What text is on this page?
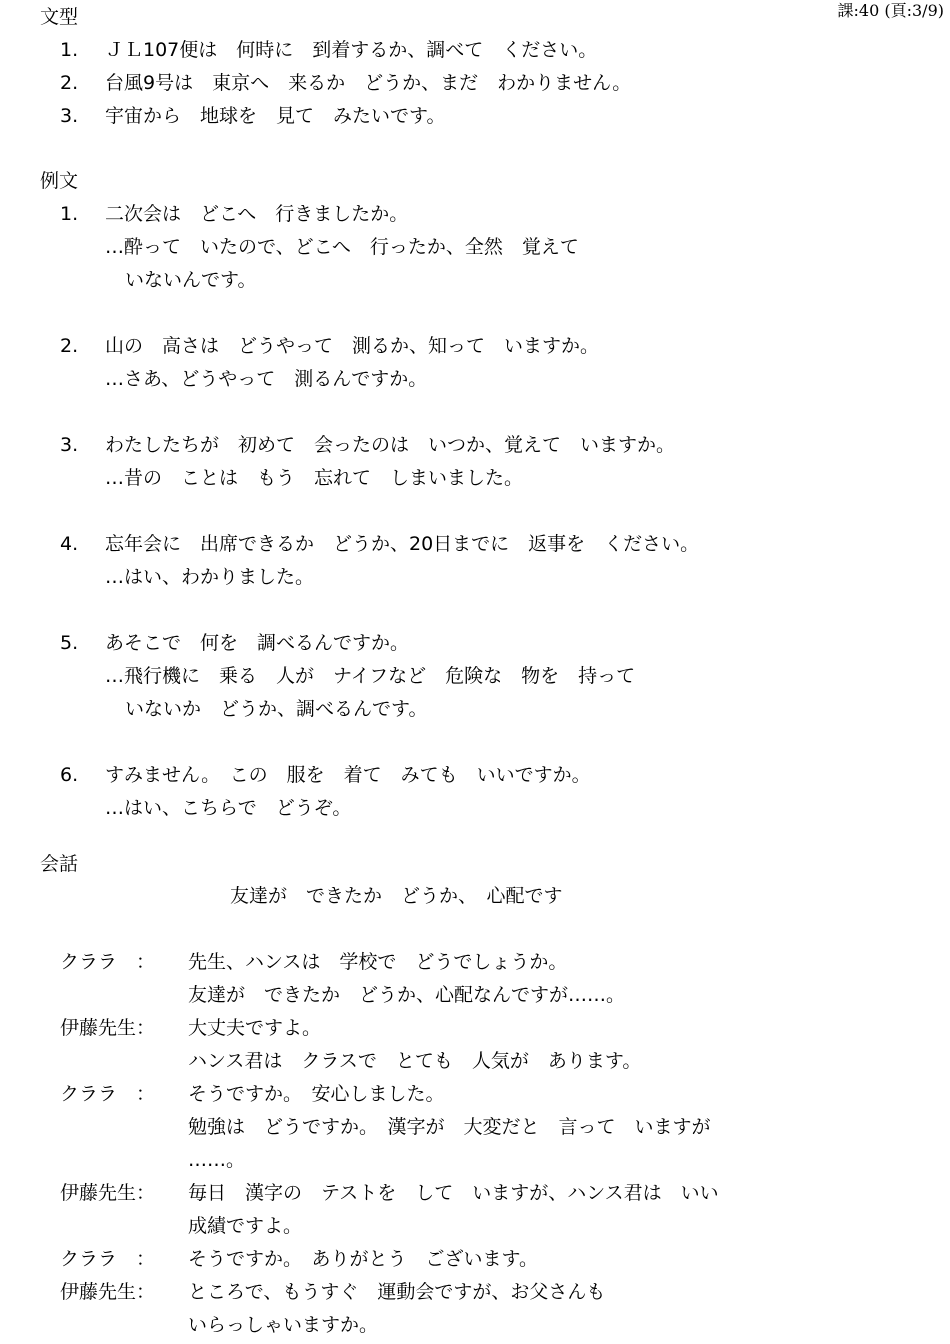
課:40 (頁:3/9)
文型
1.	ＪＬ107便は　何時に　到着するか、調べて　ください。
2.	台風9号は　東京へ　来るか　どうか、まだ　わかりません。
3.	宇宙から　地球を　見て　みたいです。
例文
1.	二次会は　どこへ　行きましたか。
…酔って　いたので、どこへ　行ったか、全然　覚えて
いないんです。
2.	山の　高さは　どうやって　測るか、知って　いますか。
…さあ、どうやって　測るんですか。
3.	わたしたちが　初めて　会ったのは　いつか、覚えて　いますか。
…昔の　ことは　もう　忘れて　しまいました。
4.	忘年会に　出席できるか　どうか、20日までに　返事を　ください。
…はい、わかりました。
5.	あそこで　何を　調べるんですか。
…飛行機に　乗る　人が　ナイフなど　危険な　物を　持って
いないか　どうか、調べるんです。
6.	すみません。　この　服を　着て　みても　いいですか。
…はい、こちらで　どうぞ。
会話
友達が　できたか　どうか、　心配です
クララ　：	先生、ハンスは　学校で　どうでしょうか。
友達が　できたか　どうか、心配なんですが……。
伊藤先生：	大丈夫ですよ。
ハンス君は　クラスで　とても　人気が　あります。
クララ　：	そうですか。　安心しました。
勉強は　どうですか。　漢字が　大変だと　言って　いますが
……。
伊藤先生：	毎日　漢字の　テストを　して　いますが、ハンス君は　いい
成績ですよ。
クララ　：	そうですか。　ありがとう　ございます。
伊藤先生：	ところで、もうすぐ　運動会ですが、お父さんも
いらっしゃいますか。
